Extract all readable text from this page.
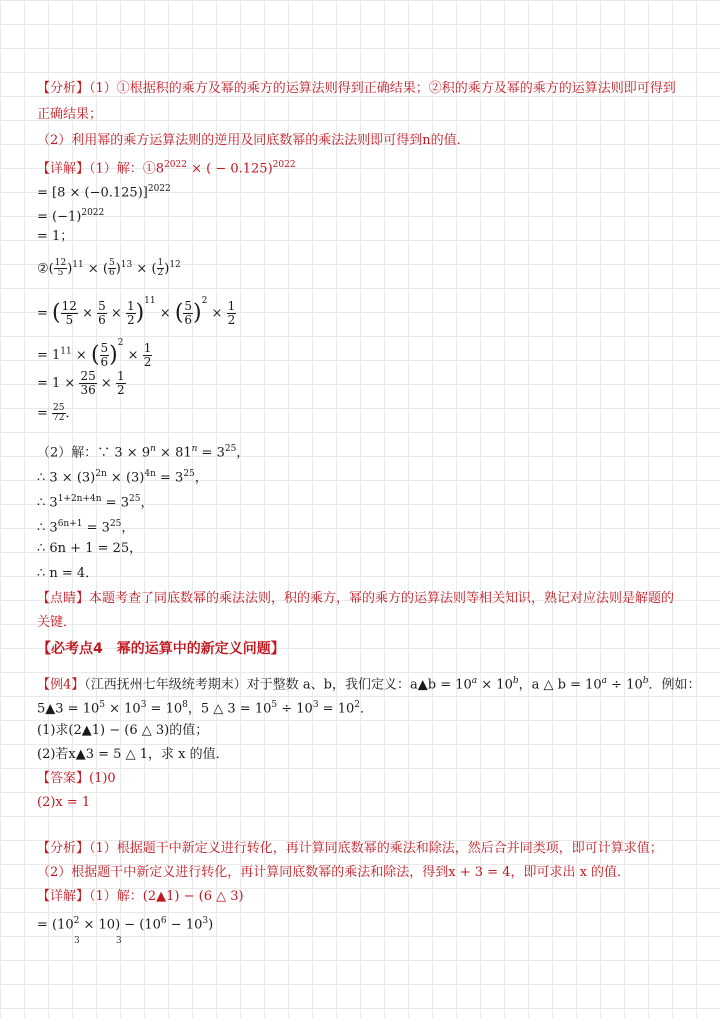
【分析】（1）①根据积的乘方及幂的乘方的运算法则得到正确结果；②积的乘方及幂的乘方的运算法则即可得到
正确结果；
（2）利用幂的乘方运算法则的逆用及同底数幂的乘法法则即可得到n的值．
【详解】（1）解：$①8^{2022}$ × ( − 0.125)$^{2022}$
= $[8 \times (-0.125)]^{2022}$
= $(-1)^{2022}$
= 1；
②( $\frac{12}{5} )^{11}$ × ( $\frac{5}{6} )^{13}$ × ( $\frac{1}{2} )^{12}$
= ( $\frac{12}{5} \times \frac{5}{6} \times \frac{1}{2} )^{11}$ × ( $\frac{5}{6} )^2 \times \frac{1}{2}$
= $1^{11}$ × ( $\frac{5}{6} )^2 \times \frac{1}{2}$
= $1 \times \frac{25}{36} \times \frac{1}{2}$
= $\frac{25}{72}$ ．
（2）解：∵ $3 \times 9^n \times 81^n = 3^{25}$，
∴ $3 \times (3)^{2n} \times (3)^{4n} = 3^{25}$，
∴ $3^{1+2n+4n} = 3^{25}$，
∴ $3^{6n+1} = 3^{25}$，
∴ 6n + 1 = 25，
∴ n = 4．
【点睛】本题考查了同底数幂的乘法法则，积的乘方，幂的乘方的运算法则等相关知识，熟记对应法则是解题的
关键．
【必考点4　幂的运算中的新定义问题】
【例4】（江西抚州七年级统考期末）对于整数 a、b，我们定义：a▲b = $10^a \times 10^b$，a △ $b = 10^a \div 10^b$．例如：
5▲3 = $10^5 \times 10^3 = 10^8$，5 △ $3 = 10^5 \div 10^3 = 10^2$．
(1)求(2▲1) − (6 △ 3)的值；
(2)若x▲3 = 5 △ 1，求 x 的值．
【答案】(1)0
(2)x = 1
【分析】（1）根据题干中新定义进行转化，再计算同底数幂的乘法和除法，然后合并同类项，即可计算求值；
（2）根据题干中新定义进行转化，再计算同底数幂的乘法和除法，得到x + 3 = 4，即可求出 x 的值．
【详解】（1）解：(2▲1) − (6 △ 3)
= $(10^2 \times 10) - (10^6 - 10^3)$
3	3
